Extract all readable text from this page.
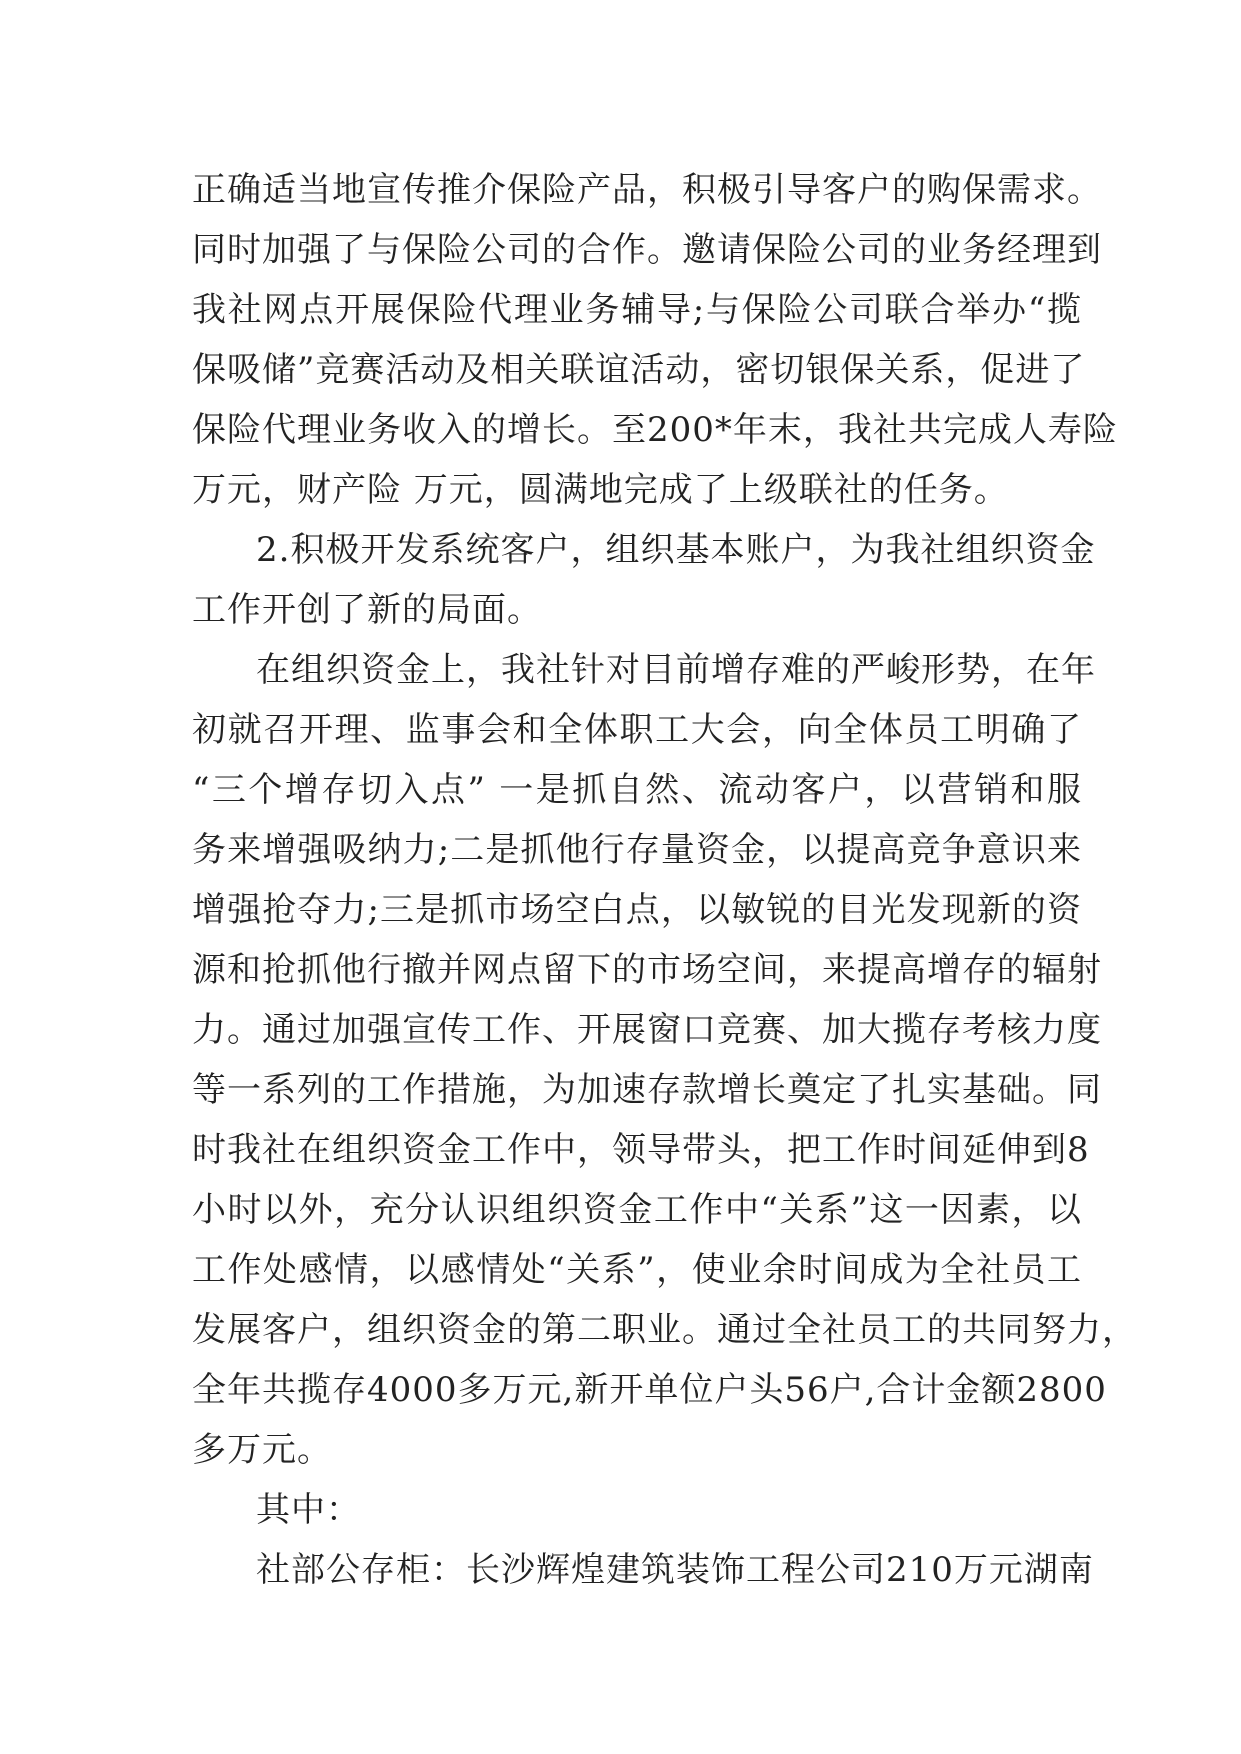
正确适当地宣传推介保险产品，积极引导客户的购保需求。
同时加强了与保险公司的合作。邀请保险公司的业务经理到
我社网点开展保险代理业务辅导;与保险公司联合举办“揽
保吸储”竞赛活动及相关联谊活动，密切银保关系，促进了
保险代理业务收入的增长。至200*年末，我社共完成人寿险
万元，财产险 万元，圆满地完成了上级联社的任务。
2.积极开发系统客户，组织基本账户，为我社组织资金
工作开创了新的局面。
在组织资金上，我社针对目前增存难的严峻形势，在年
初就召开理、监事会和全体职工大会，向全体员工明确了
“三个增存切入点” 一是抓自然、流动客户，以营销和服
务来增强吸纳力;二是抓他行存量资金，以提高竞争意识来
增强抢夺力;三是抓市场空白点，以敏锐的目光发现新的资
源和抢抓他行撤并网点留下的市场空间，来提高增存的辐射
力。通过加强宣传工作、开展窗口竞赛、加大揽存考核力度
等一系列的工作措施，为加速存款增长奠定了扎实基础。同
时我社在组织资金工作中，领导带头，把工作时间延伸到8
小时以外，充分认识组织资金工作中“关系”这一因素，以
工作处感情，以感情处“关系”，使业余时间成为全社员工
发展客户，组织资金的第二职业。通过全社员工的共同努力，
全年共揽存4000多万元,新开单位户头56户,合计金额2800
多万元。
其中：
社部公存柜：长沙辉煌建筑装饰工程公司210万元湖南
